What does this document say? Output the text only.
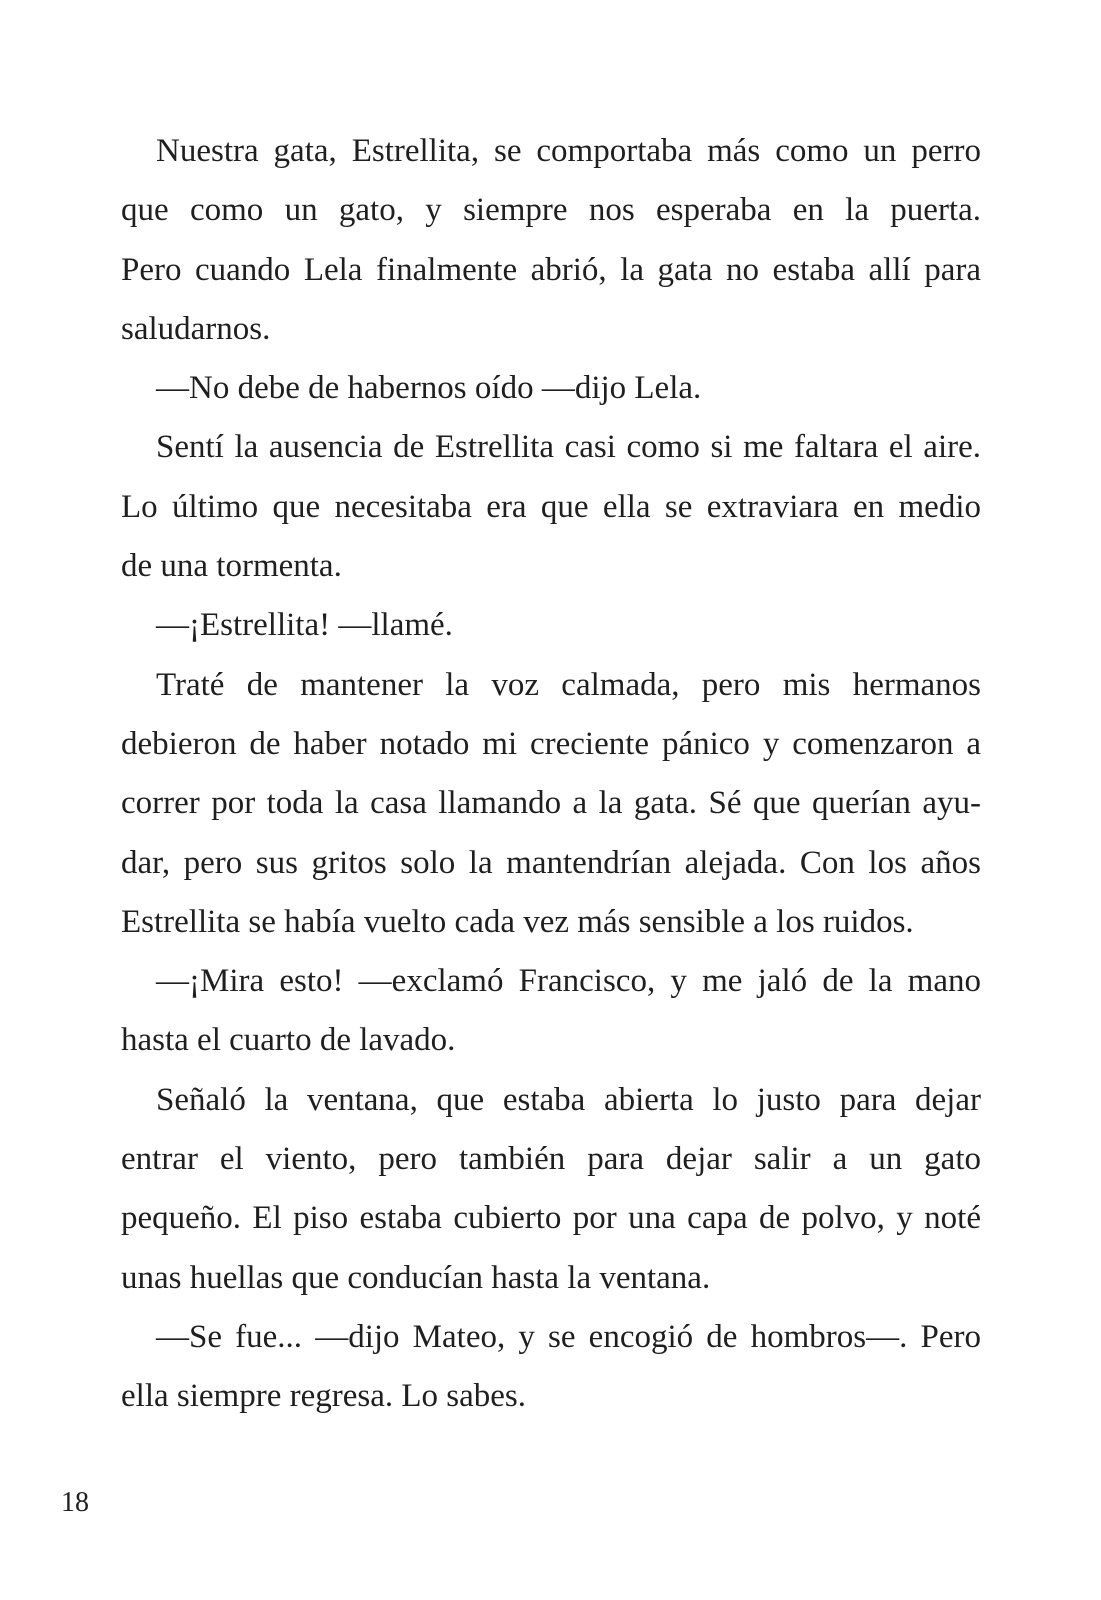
Nuestra gata, Estrellita, se comportaba más como un perro
que como un gato, y siempre nos esperaba en la puerta.
Pero cuando Lela finalmente abrió, la gata no estaba allí para
saludarnos.
—No debe de habernos oído —dijo Lela.
Sentí la ausencia de Estrellita casi como si me faltara el aire.
Lo último que necesitaba era que ella se extraviara en medio
de una tormenta.
—¡Estrellita! —llamé.
Traté de mantener la voz calmada, pero mis hermanos
debieron de haber notado mi creciente pánico y comenzaron a
correr por toda la casa llamando a la gata. Sé que querían ayu-
dar, pero sus gritos solo la mantendrían alejada. Con los años
Estrellita se había vuelto cada vez más sensible a los ruidos.
—¡Mira esto! —exclamó Francisco, y me jaló de la mano
hasta el cuarto de lavado.
Señaló la ventana, que estaba abierta lo justo para dejar
entrar el viento, pero también para dejar salir a un gato
pequeño. El piso estaba cubierto por una capa de polvo, y noté
unas huellas que conducían hasta la ventana.
—Se fue... —dijo Mateo, y se encogió de hombros—. Pero
ella siempre regresa. Lo sabes.
18
